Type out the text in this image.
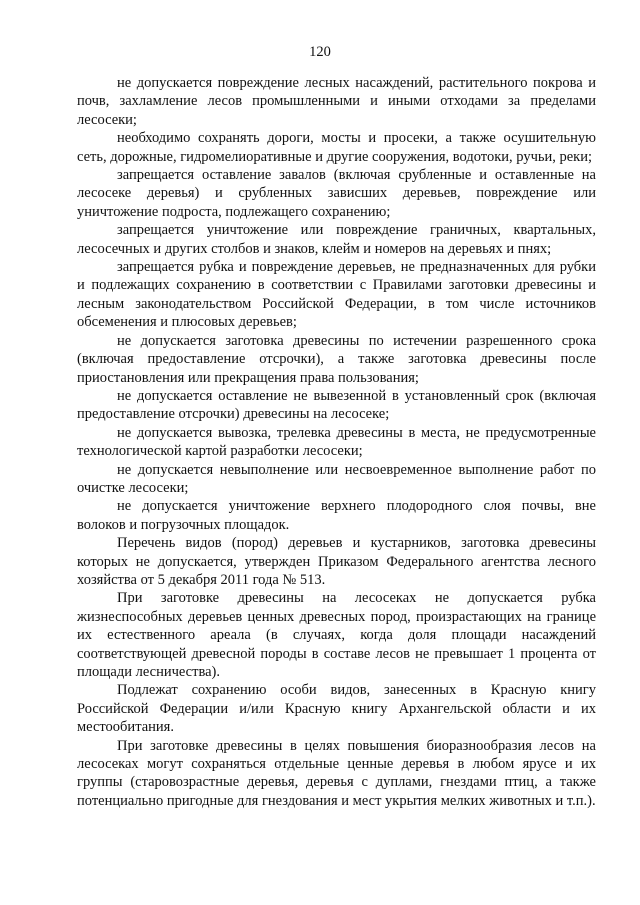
120

не допускается повреждение лесных насаждений, растительного покрова и почв, захламление лесов промышленными и иными отходами за пределами лесосеки;

необходимо сохранять дороги, мосты и просеки, а также осушительную сеть, дорожные, гидромелиоративные и другие сооружения, водотоки, ручьи, реки;

запрещается оставление завалов (включая срубленные и оставленные на лесосеке деревья) и срубленных зависших деревьев, повреждение или уничтожение подроста, подлежащего сохранению;

запрещается уничтожение или повреждение граничных, квартальных, лесосечных и других столбов и знаков, клейм и номеров на деревьях и пнях;

запрещается рубка и повреждение деревьев, не предназначенных для рубки и подлежащих сохранению в соответствии с Правилами заготовки древесины и лесным законодательством Российской Федерации, в том числе источников обсеменения и плюсовых деревьев;

не допускается заготовка древесины по истечении разрешенного срока (включая предоставление отсрочки), а также заготовка древесины после приостановления или прекращения права пользования;

не допускается оставление не вывезенной в установленный срок (включая предоставление отсрочки) древесины на лесосеке;

не допускается вывозка, трелевка древесины в места, не предусмотренные технологической картой разработки лесосеки;

не допускается невыполнение или несвоевременное выполнение работ по очистке лесосеки;

не допускается уничтожение верхнего плодородного слоя почвы, вне волоков и погрузочных площадок.

Перечень видов (пород) деревьев и кустарников, заготовка древесины которых не допускается, утвержден Приказом Федерального агентства лесного хозяйства от 5 декабря 2011 года № 513.

При заготовке древесины на лесосеках не допускается рубка жизнеспособных деревьев ценных древесных пород, произрастающих на границе их естественного ареала (в случаях, когда доля площади насаждений соответствующей древесной породы в составе лесов не превышает 1 процента от площади лесничества).

Подлежат сохранению особи видов, занесенных в Красную книгу Российской Федерации и/или Красную книгу Архангельской области и их местообитания.

При заготовке древесины в целях повышения биоразнообразия лесов на лесосеках могут сохраняться отдельные ценные деревья в любом ярусе и их группы (старовозрастные деревья, деревья с дуплами, гнездами птиц, а также потенциально пригодные для гнездования и мест укрытия мелких животных и т.п.).
